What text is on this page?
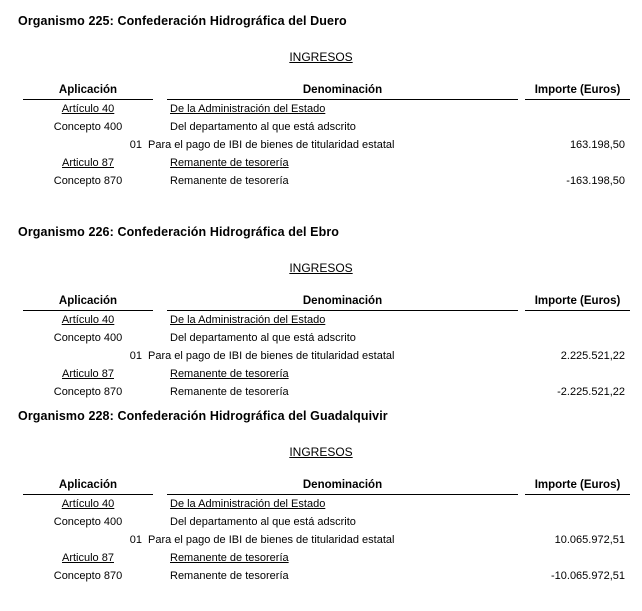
Organismo 225: Confederación Hidrográfica del Duero
INGRESOS
Aplicación	Denominación	Importe (Euros)
Artículo 40	De la Administración del Estado
Concepto 400	Del departamento al que está adscrito
01 Para el pago de IBI de bienes de titularidad estatal	163.198,50
Articulo 87	Remanente de tesorería
Concepto 870	Remanente de tesorería	-163.198,50
Organismo 226: Confederación Hidrográfica del Ebro
INGRESOS
Aplicación	Denominación	Importe (Euros)
Artículo 40	De la Administración del Estado
Concepto 400	Del departamento al que está adscrito
01 Para el pago de IBI de bienes de titularidad estatal	2.225.521,22
Articulo 87	Remanente de tesorería
Concepto 870	Remanente de tesorería	-2.225.521,22
Organismo 228: Confederación Hidrográfica del Guadalquivir
INGRESOS
Aplicación	Denominación	Importe (Euros)
Artículo 40	De la Administración del Estado
Concepto 400	Del departamento al que está adscrito
01 Para el pago de IBI de bienes de titularidad estatal	10.065.972,51
Articulo 87	Remanente de tesorería
Concepto 870	Remanente de tesorería	-10.065.972,51
